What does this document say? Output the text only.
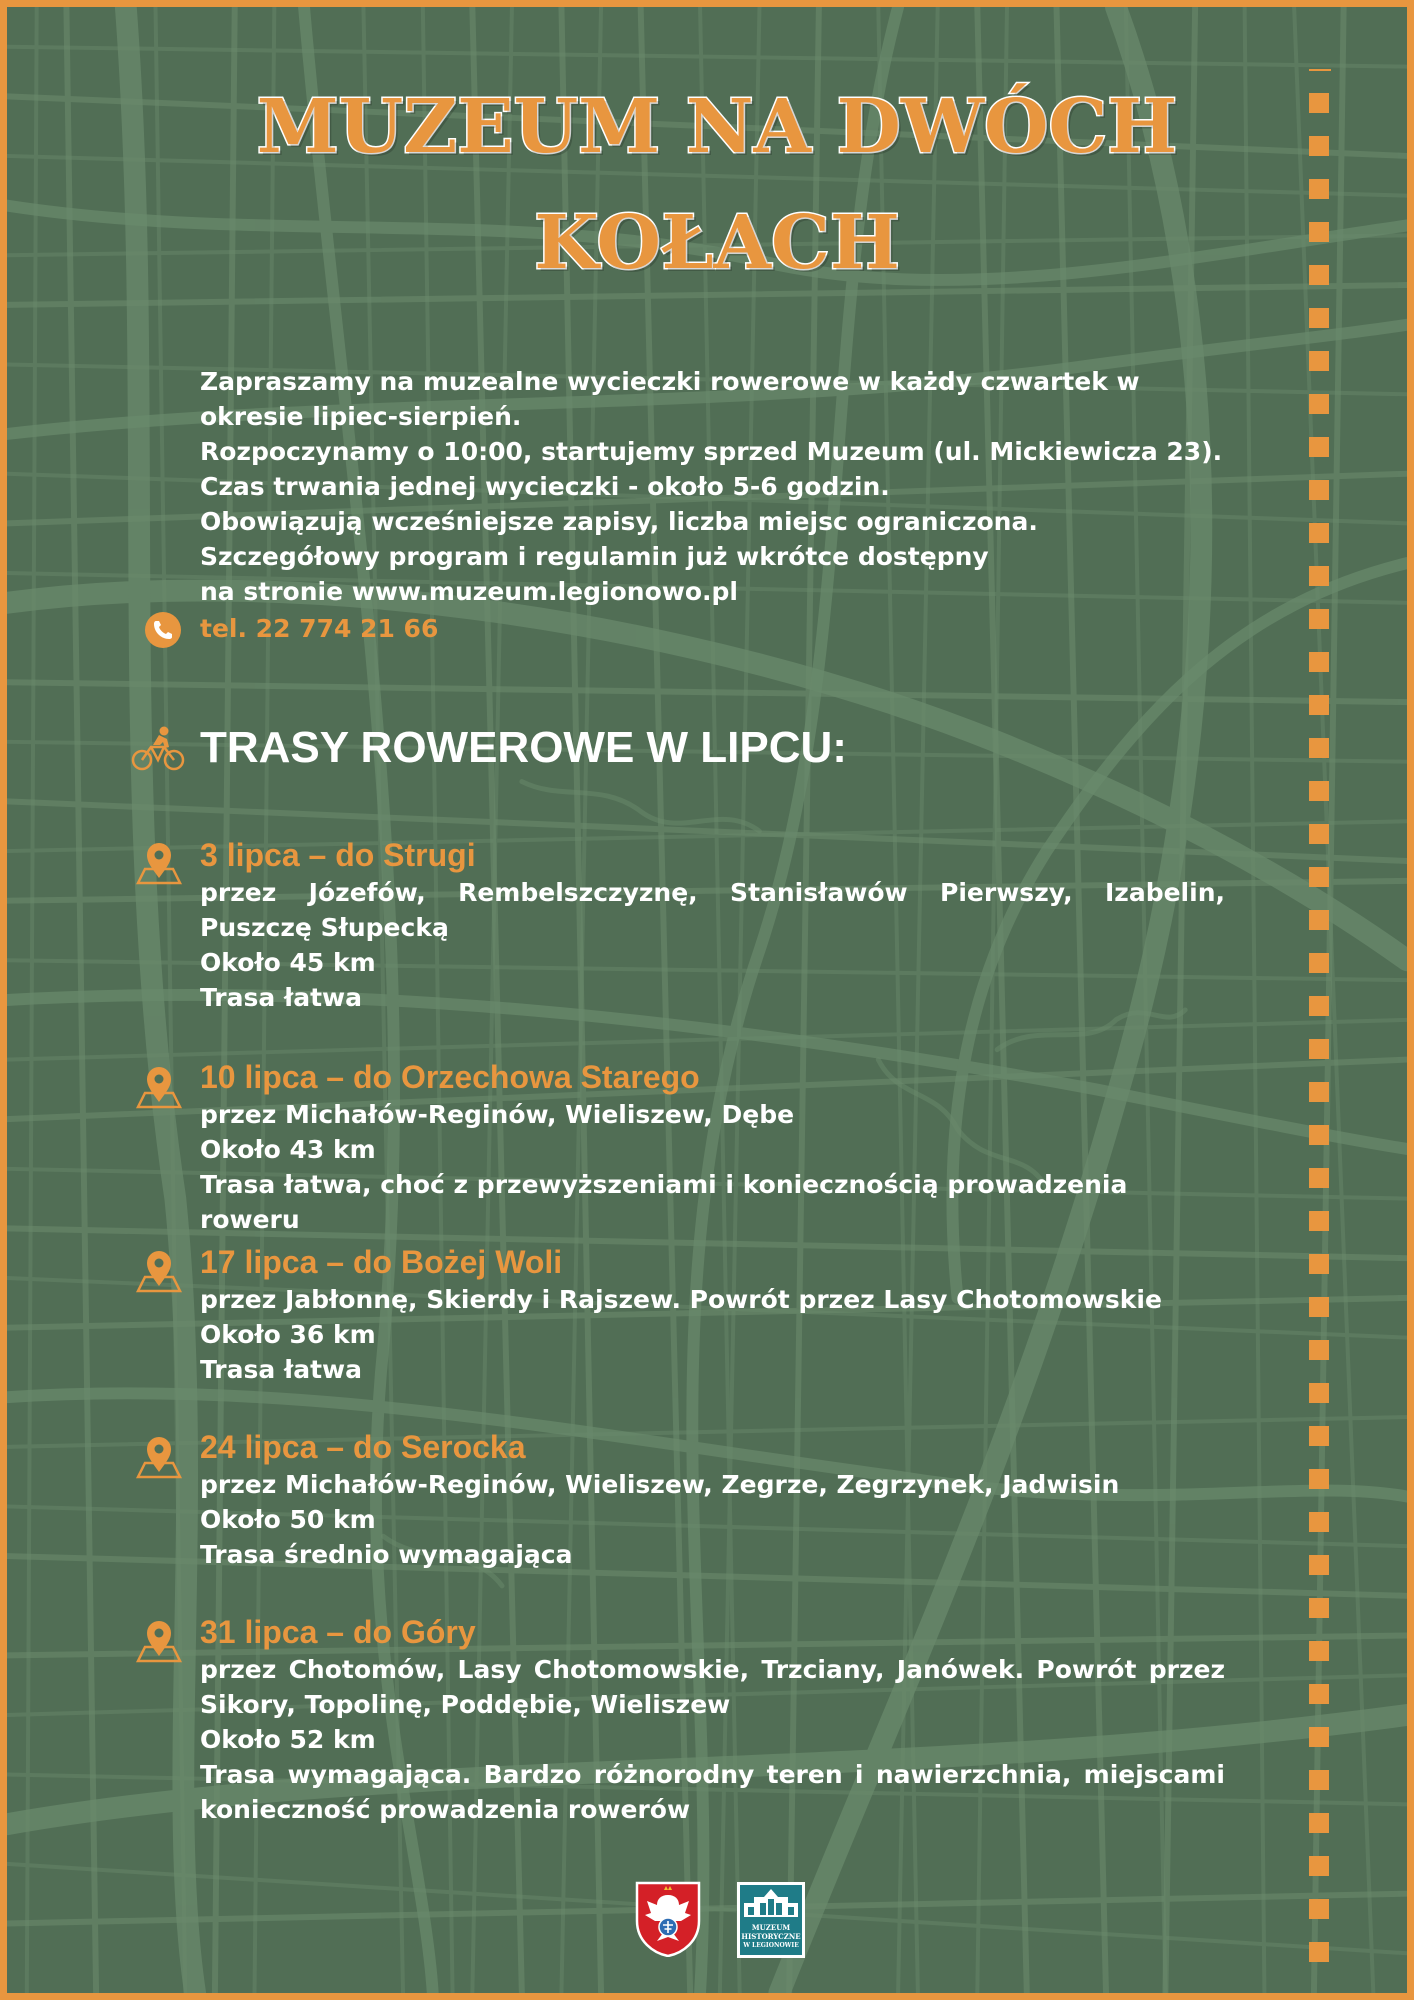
MUZEUM NA DWÓCH
KOŁACH

Zapraszamy na muzealne wycieczki rowerowe w każdy czwartek w okresie lipiec-sierpień.

Rozpoczynamy o 10:00, startujemy sprzed Muzeum (ul. Mickiewicza 23).

Czas trwania jednej wycieczki - około 5-6 godzin.

Obowiązują wcześniejsze zapisy, liczba miejsc ograniczona.

Szczegółowy program i regulamin już wkrótce dostępny

na stronie www.muzeum.legionowo.pl

tel. 22 774 21 66
TRASY ROWEROWE W LIPCU:
3 lipca – do Strugi
przez Józefów, Rembelszczyznę, Stanisławów Pierwszy, Izabelin, Puszczę Słupecką
Około 45 km
Trasa łatwa
10 lipca – do Orzechowa Starego
przez Michałów-Reginów, Wieliszew, Dębe
Około 43 km
Trasa łatwa, choć z przewyższeniami i koniecznością prowadzenia roweru
17 lipca – do Bożej Woli
przez Jabłonnę, Skierdy i Rajszew. Powrót przez Lasy Chotomowskie
Około 36 km
Trasa łatwa
24 lipca – do Serocka
przez Michałów-Reginów, Wieliszew, Zegrze, Zegrzynek, Jadwisin
Około 50 km
Trasa średnio wymagająca
31 lipca – do Góry
przez Chotomów, Lasy Chotomowskie, Trzciany, Janówek. Powrót przez Sikory, Topolinę, Poddębie, Wieliszew
Około 52 km
Trasa wymagająca. Bardzo różnorodny teren i nawierzchnia, miejscami konieczność prowadzenia rowerów
MUZEUM
HISTORYCZNE
W LEGIONOWIE
